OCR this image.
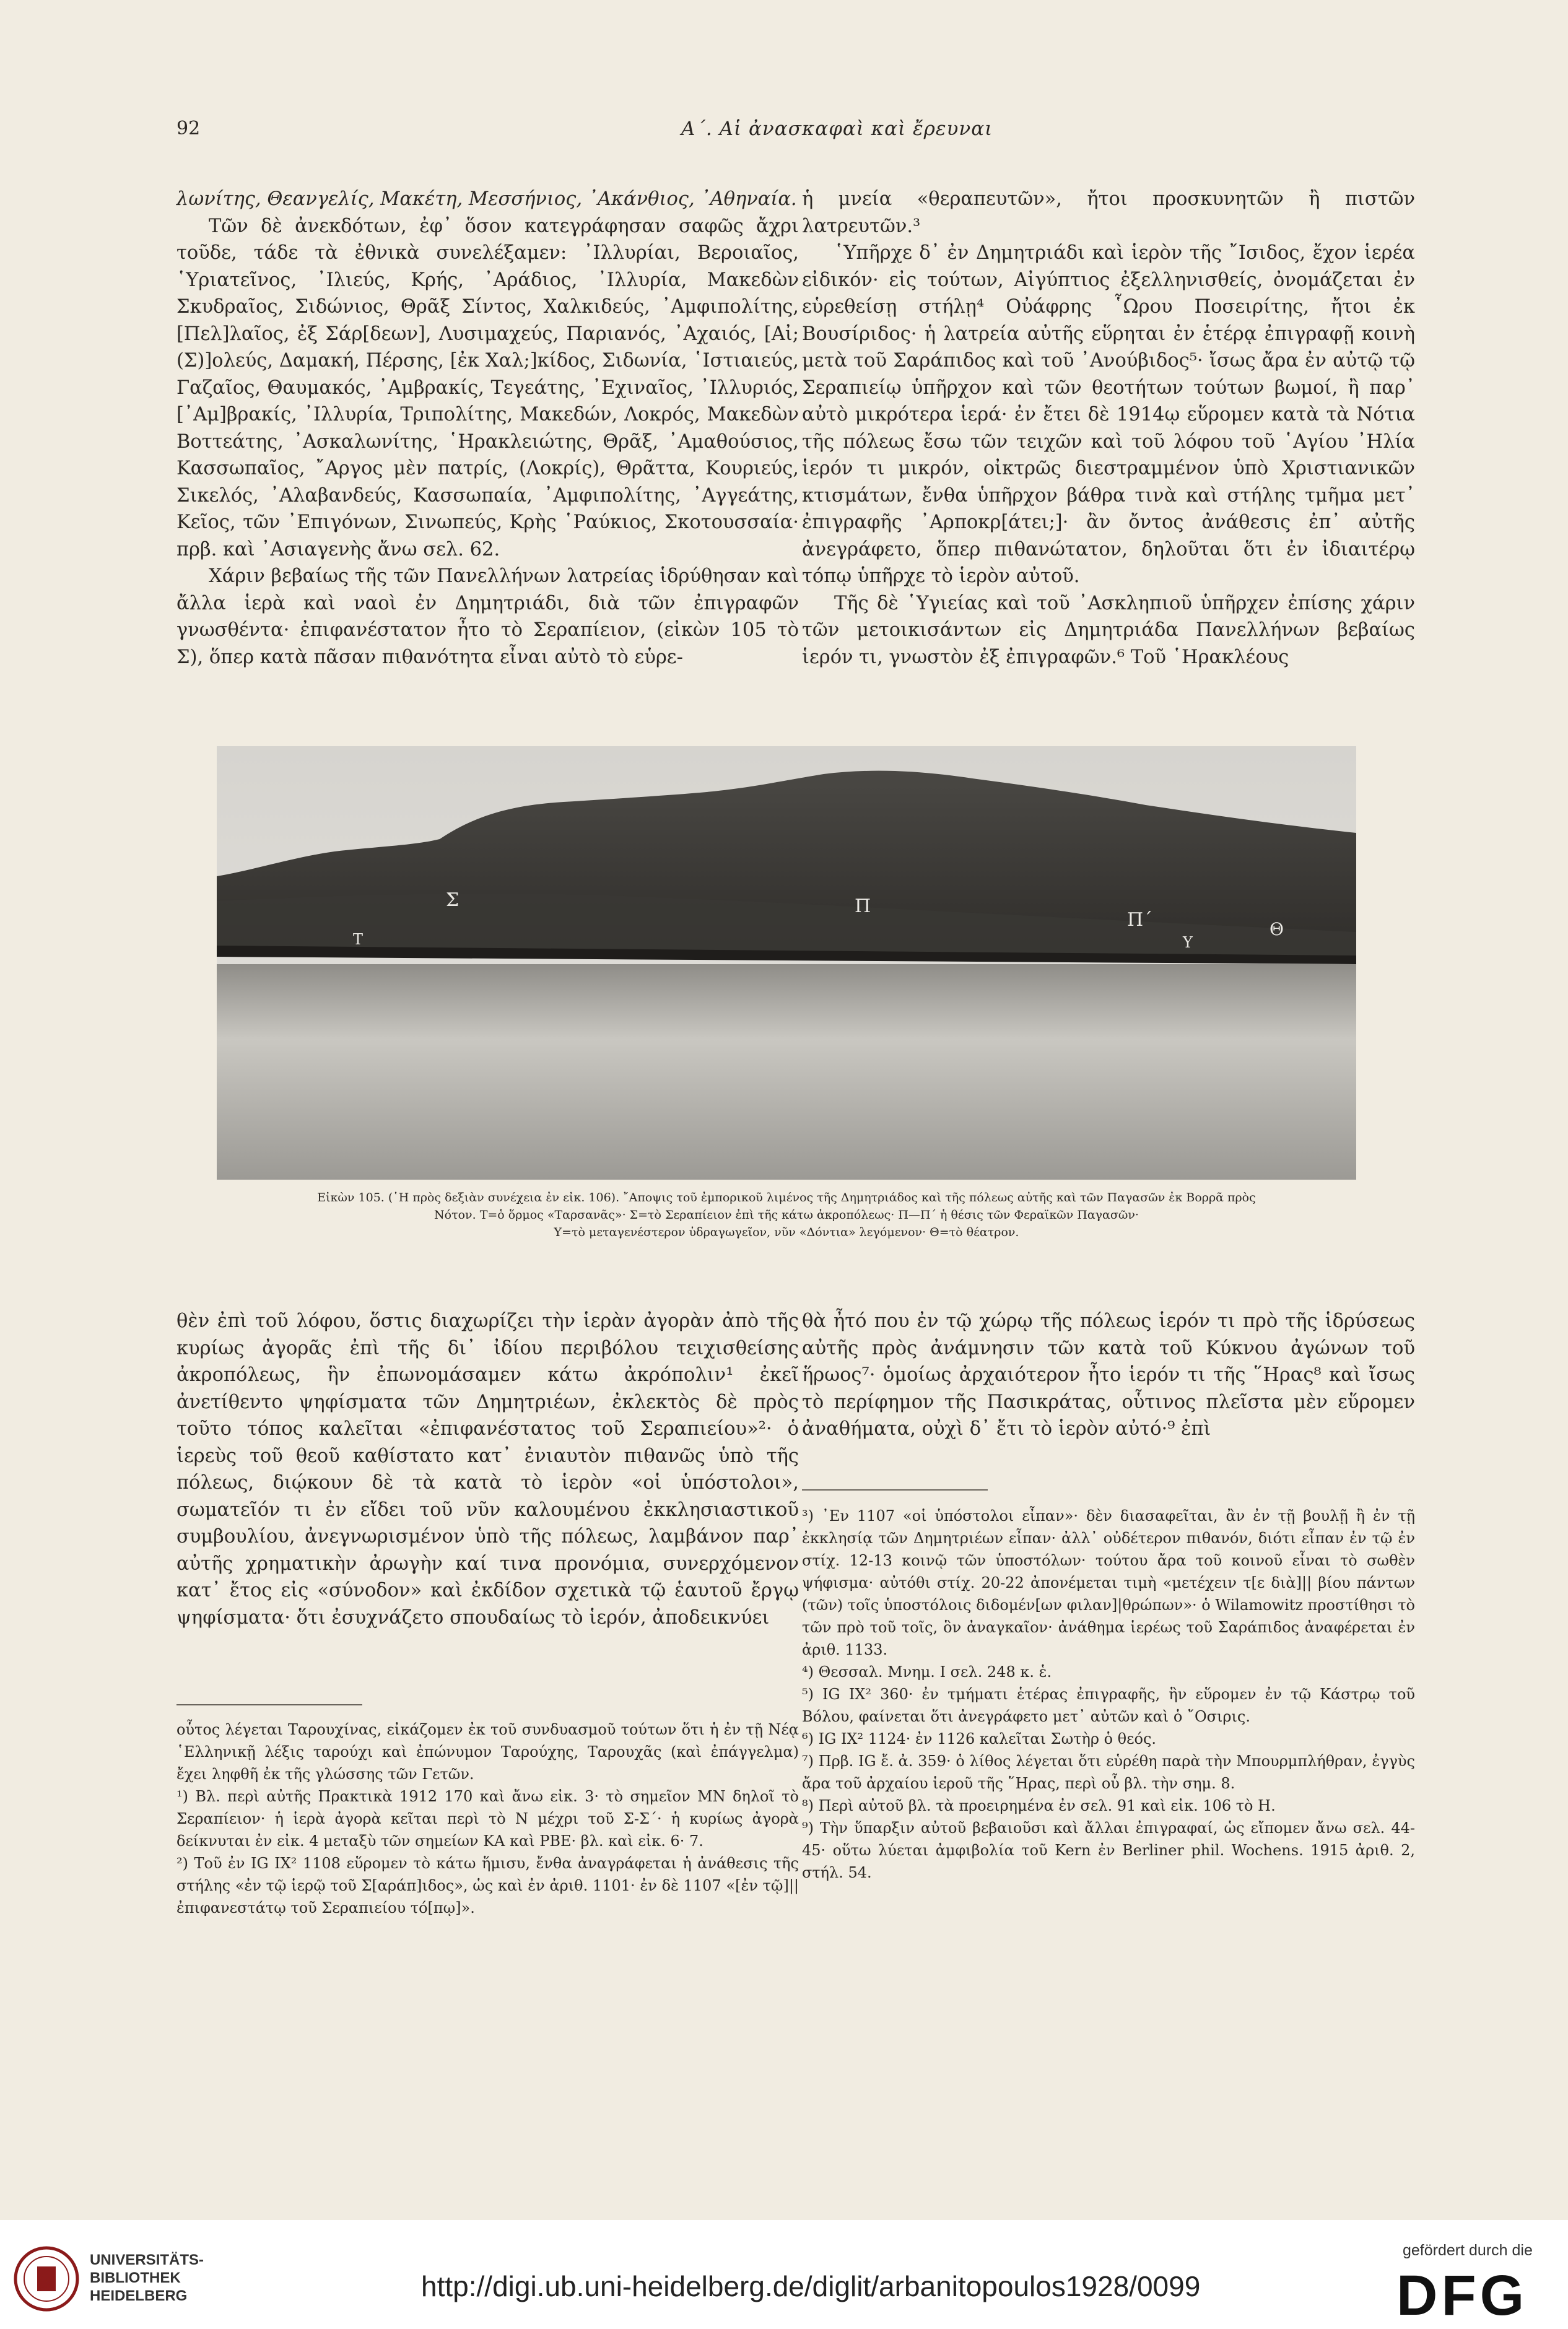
92	Α΄. Αἱ ἀνασκαφαὶ καὶ ἔρευναι

λωνίτης, Θεανγελίς, Μακέτη, Μεσσήνιος, ᾿Ακάνθιος, ᾿Αθηναία.

Τῶν δὲ ἀνεκδότων, ἐφ᾽ ὅσον κατεγράφησαν σαφῶς ἄχρι τοῦδε, τάδε τὰ ἐθνικὰ συνελέξαμεν: ᾿Ιλλυρίαι, Βεροιαῖος, ῾Υριατεῖνος, ᾿Ιλιεύς, Κρής, ᾿Αράδιος, ᾿Ιλλυρία, Μακεδὼν Σκυδραῖος, Σιδώνιος, Θρᾶξ Σίντος, Χαλκιδεύς, ᾿Αμφιπολίτης, [Πελ]λαῖος, ἐξ Σάρ[δεων], Λυσιμαχεύς, Παριανός, ᾿Αχαιός, [Αἰ;(Σ)]ολεύς, Δαμακή, Πέρσης, [ἐκ Χαλ;]κίδος, Σιδωνία, ῾Ιστιαιεύς, Γαζαῖος, Θαυμακός, ᾿Αμβρακίς, Τεγεάτης, ᾿Εχιναῖος, ᾿Ιλλυριός, [᾿Αμ]βρακίς, ᾿Ιλλυρία, Τριπολίτης, Μακεδών, Λοκρός, Μακεδὼν Βοττεάτης, ᾿Ασκαλωνίτης, ῾Ηρακλειώτης, Θρᾶξ, ᾿Αμαθούσιος, Κασσωπαῖος, ῎Αργος μὲν πατρίς, (Λοκρίς), Θρᾶττα, Κουριεύς, Σικελός, ᾿Αλαβανδεύς, Κασσωπαία, ᾿Αμφιπολίτης, ᾿Αγγεάτης, Κεῖος, τῶν ᾿Επιγόνων, Σινωπεύς, Κρὴς ῾Ραύκιος, Σκοτουσσαία· πρβ. καὶ ᾿Ασιαγενὴς ἄνω σελ. 62.

Χάριν βεβαίως τῆς τῶν Πανελλήνων λατρείας ἱδρύθησαν καὶ ἄλλα ἱερὰ καὶ ναοὶ ἐν Δημητριάδι, διὰ τῶν ἐπιγραφῶν γνωσθέντα· ἐπιφανέστατον ἦτο τὸ Σεραπίειον, (εἰκὼν 105 τὸ Σ), ὅπερ κατὰ πᾶσαν πιθανότητα εἶναι αὐτὸ τὸ εὑρε-

ἡ μνεία «θεραπευτῶν», ἤτοι προσκυνητῶν ἢ πιστῶν λατρευτῶν.³

῾Υπῆρχε δ᾽ ἐν Δημητριάδι καὶ ἱερὸν τῆς ῎Ισιδος, ἔχον ἱερέα εἰδικόν· εἰς τούτων, Αἰγύπτιος ἐξελληνισθείς, ὀνομάζεται ἐν εὑρεθείσῃ στήλῃ⁴ Οὐάφρης ῟Ωρου Ποσειρίτης, ἤτοι ἐκ Βουσίριδος· ἡ λατρεία αὐτῆς εὕρηται ἐν ἑτέρᾳ ἐπιγραφῇ κοινὴ μετὰ τοῦ Σαράπιδος καὶ τοῦ ᾿Ανούβιδος⁵· ἴσως ἄρα ἐν αὐτῷ τῷ Σεραπιείῳ ὑπῆρχον καὶ τῶν θεοτήτων τούτων βωμοί, ἢ παρ᾽ αὐτὸ μικρότερα ἱερά· ἐν ἔτει δὲ 1914ῳ εὕρομεν κατὰ τὰ Νότια τῆς πόλεως ἔσω τῶν τειχῶν καὶ τοῦ λόφου τοῦ ῾Αγίου ᾿Ηλία ἱερόν τι μικρόν, οἰκτρῶς διεστραμμένον ὑπὸ Χριστιανικῶν κτισμάτων, ἔνθα ὑπῆρχον βάθρα τινὰ καὶ στήλης τμῆμα μετ᾽ ἐπιγραφῆς ᾿Αρποκρ[άτει;]· ἂν ὄντος ἀνάθεσις ἐπ᾽ αὐτῆς ἀνεγράφετο, ὅπερ πιθανώτατον, δηλοῦται ὅτι ἐν ἰδιαιτέρῳ τόπῳ ὑπῆρχε τὸ ἱερὸν αὐτοῦ.

Τῆς δὲ ῾Υγιείας καὶ τοῦ ᾿Ασκληπιοῦ ὑπῆρχεν ἐπίσης χάριν τῶν μετοικισάντων εἰς Δημητριάδα Πανελλήνων βεβαίως ἱερόν τι, γνωστὸν ἐξ ἐπιγραφῶν.⁶ Τοῦ ῾Ηρακλέους

Σ
Τ
Π
Π΄
Υ
Θ
Εἰκὼν 105. (῾Η πρὸς δεξιὰν συνέχεια ἐν εἰκ. 106). ῎Αποψις τοῦ ἐμπορικοῦ λιμένος τῆς Δημητριάδος καὶ τῆς πόλεως αὐτῆς καὶ τῶν Παγασῶν ἐκ Βορρᾶ πρὸς
Νότον. Τ=ὁ ὅρμος «Ταρσανᾶς»· Σ=τὸ Σεραπίειον ἐπὶ τῆς κάτω ἀκροπόλεως· Π—Π΄ ἡ θέσις τῶν Φεραϊκῶν Παγασῶν·
Υ=τὸ μεταγενέστερον ὑδραγωγεῖον, νῦν «Δόντια» λεγόμενον· Θ=τὸ θέατρον.

θὲν ἐπὶ τοῦ λόφου, ὅστις διαχωρίζει τὴν ἱερὰν ἀγορὰν ἀπὸ τῆς κυρίως ἀγορᾶς ἐπὶ τῆς δι᾽ ἰδίου περιβόλου τειχισθείσης ἀκροπόλεως, ἣν ἐπωνομάσαμεν κάτω ἀκρόπολιν¹ ἐκεῖ ἀνετίθεντο ψηφίσματα τῶν Δημητριέων, ἐκλεκτὸς δὲ πρὸς τοῦτο τόπος καλεῖται «ἐπιφανέστατος τοῦ Σεραπιείου»²· ὁ ἱερεὺς τοῦ θεοῦ καθίστατο κατ᾽ ἐνιαυτὸν πιθανῶς ὑπὸ τῆς πόλεως, διῴκουν δὲ τὰ κατὰ τὸ ἱερὸν «οἱ ὑπόστολοι», σωματεῖόν τι ἐν εἴδει τοῦ νῦν καλουμένου ἐκκλησιαστικοῦ συμβουλίου, ἀνεγνωρισμένον ὑπὸ τῆς πόλεως, λαμβάνον παρ᾽ αὐτῆς χρηματικὴν ἀρωγὴν καί τινα προνόμια, συνερχόμενον κατ᾽ ἔτος εἰς «σύνοδον» καὶ ἐκδίδον σχετικὰ τῷ ἑαυτοῦ ἔργῳ ψηφίσματα· ὅτι ἐσυχνάζετο σπουδαίως τὸ ἱερόν, ἀποδεικνύει

θὰ ἦτό που ἐν τῷ χώρῳ τῆς πόλεως ἱερόν τι πρὸ τῆς ἱδρύσεως αὐτῆς πρὸς ἀνάμνησιν τῶν κατὰ τοῦ Κύκνου ἀγώνων τοῦ ἥρωος⁷· ὁμοίως ἀρχαιότερον ἦτο ἱερόν τι τῆς ῞Ηρας⁸ καὶ ἴσως τὸ περίφημον τῆς Πασικράτας, οὗτινος πλεῖστα μὲν εὕρομεν ἀναθήματα, οὐχὶ δ᾽ ἔτι τὸ ἱερὸν αὐτό·⁹ ἐπὶ

οὗτος λέγεται Ταρουχίνας, εἰκάζομεν ἐκ τοῦ συνδυασμοῦ τούτων ὅτι ἡ ἐν τῇ Νέᾳ ῾Ελληνικῇ λέξις ταρούχι καὶ ἐπώνυμον Ταρούχης, Ταρουχᾶς (καὶ ἐπάγγελμα) ἔχει ληφθῆ ἐκ τῆς γλώσσης τῶν Γετῶν.

¹) Βλ. περὶ αὐτῆς Πρακτικὰ 1912 170 καὶ ἄνω εἰκ. 3· τὸ σημεῖον ΜΝ δηλοῖ τὸ Σεραπίειον· ἡ ἱερὰ ἀγορὰ κεῖται περὶ τὸ Ν μέχρι τοῦ Σ-Σ΄· ἡ κυρίως ἀγορὰ δείκνυται ἐν εἰκ. 4 μεταξὺ τῶν σημείων ΚΑ καὶ ΡΒΕ· βλ. καὶ εἰκ. 6· 7.

²) Τοῦ ἐν IG IX² 1108 εὕρομεν τὸ κάτω ἥμισυ, ἔνθα ἀναγράφεται ἡ ἀνάθεσις τῆς στήλης «ἐν τῷ ἱερῷ τοῦ Σ[αράπ]ιδος», ὡς καὶ ἐν ἀριθ. 1101· ἐν δὲ 1107 «[ἐν τῷ]|| ἐπιφανεστάτῳ τοῦ Σεραπιείου τό[πῳ]».

³) ᾿Εν 1107 «οἱ ὑπόστολοι εἶπαν»· δὲν διασαφεῖται, ἂν ἐν τῇ βουλῇ ἢ ἐν τῇ ἐκκλησίᾳ τῶν Δημητριέων εἶπαν· ἀλλ᾽ οὐδέτερον πιθανόν, διότι εἶπαν ἐν τῷ ἐν στίχ. 12-13 κοινῷ τῶν ὑποστόλων· τούτου ἄρα τοῦ κοινοῦ εἶναι τὸ σωθὲν ψήφισμα· αὐτόθι στίχ. 20-22 ἀπονέμεται τιμὴ «μετέχειν τ[ε διὰ]|| βίου πάντων (τῶν) τοῖς ὑποστόλοις διδομέν[ων φιλαν]|θρώπων»· ὁ Wilamowitz προστίθησι τὸ τῶν πρὸ τοῦ τοῖς, ὃν ἀναγκαῖον· ἀνάθημα ἱερέως τοῦ Σαράπιδος ἀναφέρεται ἐν ἀριθ. 1133.

⁴) Θεσσαλ. Μνημ. Ι σελ. 248 κ. ἑ.

⁵) IG IX² 360· ἐν τμήματι ἑτέρας ἐπιγραφῆς, ἣν εὕρομεν ἐν τῷ Κάστρῳ τοῦ Βόλου, φαίνεται ὅτι ἀνεγράφετο μετ᾽ αὐτῶν καὶ ὁ ῎Οσιρις.

⁶) IG IX² 1124· ἐν 1126 καλεῖται Σωτὴρ ὁ θεός.

⁷) Πρβ. IG ἔ. ἀ. 359· ὁ λίθος λέγεται ὅτι εὑρέθη παρὰ τὴν Μπουρμπλήθραν, ἐγγὺς ἄρα τοῦ ἀρχαίου ἱεροῦ τῆς ῞Ηρας, περὶ οὗ βλ. τὴν σημ. 8.

⁸) Περὶ αὐτοῦ βλ. τὰ προειρημένα ἐν σελ. 91 καὶ εἰκ. 106 τὸ Η.

⁹) Τὴν ὕπαρξιν αὐτοῦ βεβαιοῦσι καὶ ἄλλαι ἐπιγραφαί, ὡς εἴπομεν ἄνω σελ. 44-45· οὕτω λύεται ἀμφιβολία τοῦ Kern ἐν Berliner phil. Wochens. 1915 ἀριθ. 2, στήλ. 54.

UNIVERSITÄTS-
BIBLIOTHEK
HEIDELBERG	http://digi.ub.uni-heidelberg.de/diglit/arbanitopoulos1928/0099
gefördert durch die
DFG
